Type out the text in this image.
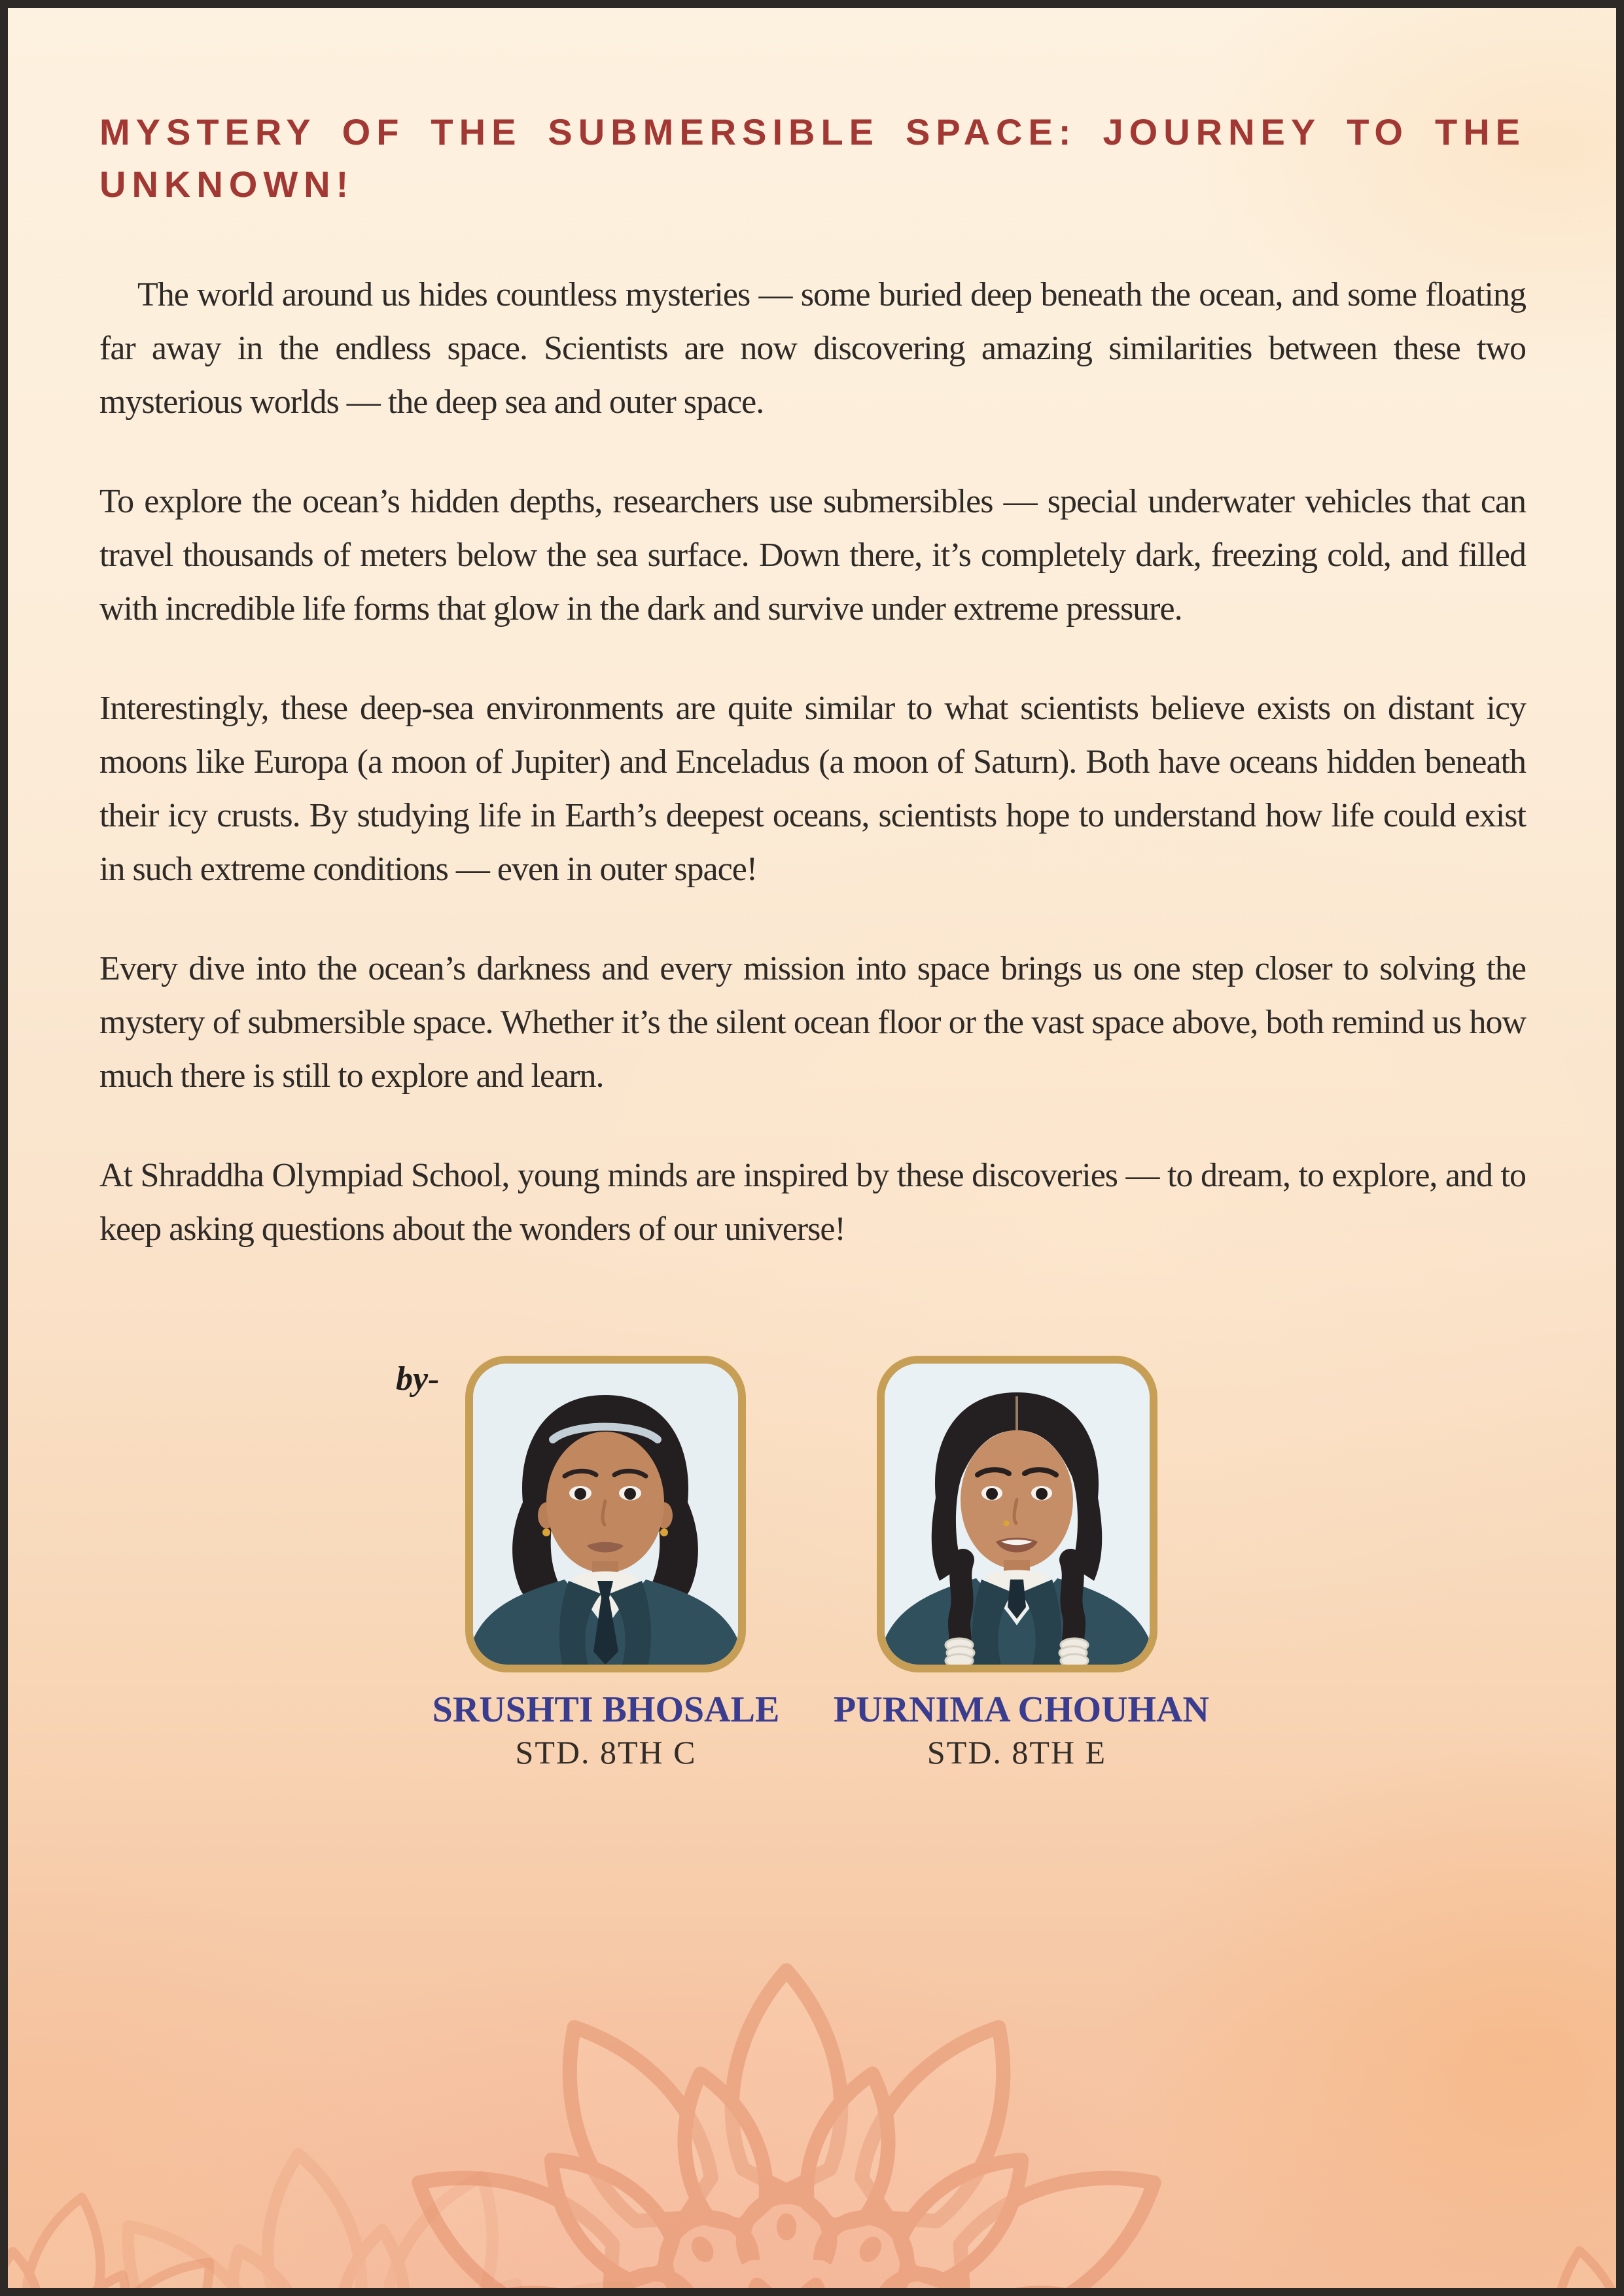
MYSTERY OF THE SUBMERSIBLE SPACE: JOURNEY TO THE
UNKNOWN!

The world around us hides countless mysteries — some buried deep beneath the ocean, and some floating far away in the endless space. Scientists are now discovering amazing similarities between these two mysterious worlds — the deep sea and outer space.

To explore the ocean’s hidden depths, researchers use submersibles — special underwater vehicles that can travel thousands of meters below the sea surface. Down there, it’s completely dark, freezing cold, and filled with incredible life forms that glow in the dark and survive under extreme pressure.

Interestingly, these deep-sea environments are quite similar to what scientists believe exists on distant icy moons like Europa (a moon of Jupiter) and Enceladus (a moon of Saturn). Both have oceans hidden beneath their icy crusts. By studying life in Earth’s deepest oceans, scientists hope to understand how life could exist in such extreme conditions — even in outer space!

Every dive into the ocean’s darkness and every mission into space brings us one step closer to solving the mystery of submersible space. Whether it’s the silent ocean floor or the vast space above, both remind us how much there is still to explore and learn.

At Shraddha Olympiad School, young minds are inspired by these discoveries — to dream, to explore, and to keep asking questions about the wonders of our universe!

by-
SRUSHTI BHOSALE
STD. 8TH C
PURNIMA CHOUHAN
STD. 8TH E
